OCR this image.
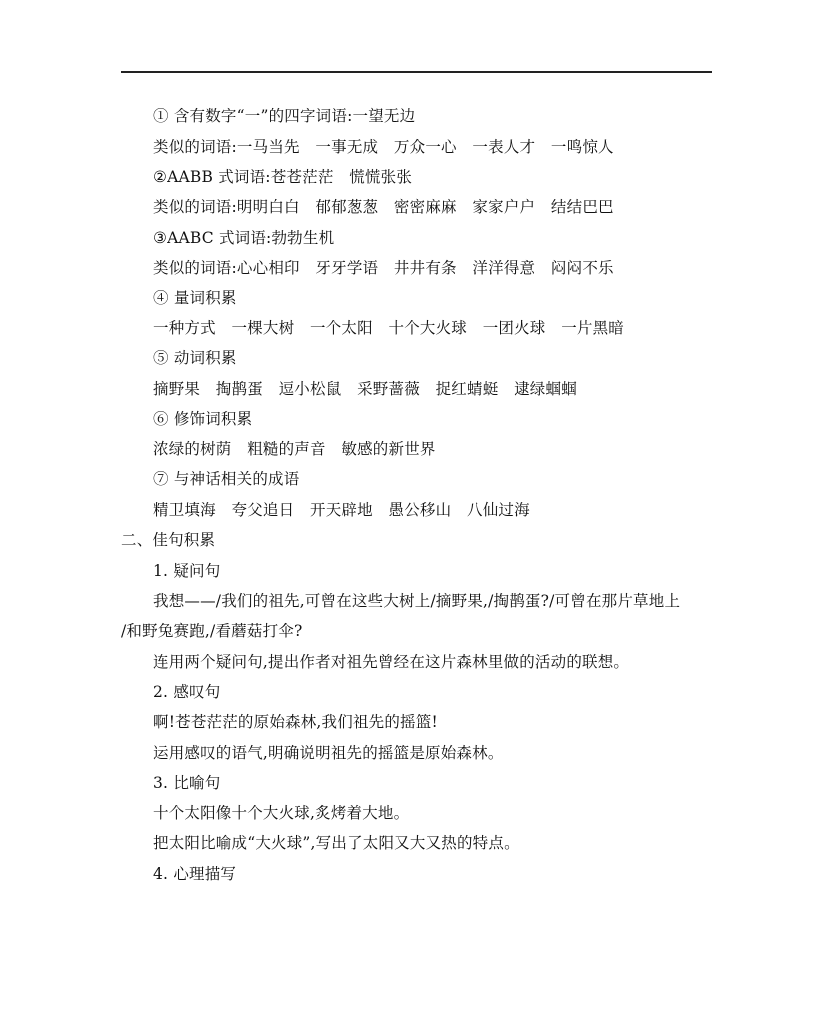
① 含有数字“一”的四字词语:一望无边
类似的词语:一马当先　一事无成　万众一心　一表人才　一鸣惊人
②AABB 式词语:苍苍茫茫　慌慌张张
类似的词语:明明白白　郁郁葱葱　密密麻麻　家家户户　结结巴巴
③AABC 式词语:勃勃生机
类似的词语:心心相印　牙牙学语　井井有条　洋洋得意　闷闷不乐
④ 量词积累
一种方式　一棵大树　一个太阳　十个大火球　一团火球　一片黑暗
⑤ 动词积累
摘野果　掏鹊蛋　逗小松鼠　采野蔷薇　捉红蜻蜓　逮绿蝈蝈
⑥ 修饰词积累
浓绿的树荫　粗糙的声音　敏感的新世界
⑦ 与神话相关的成语
精卫填海　夸父追日　开天辟地　愚公移山　八仙过海
二、佳句积累
1. 疑问句
我想——/我们的祖先,可曾在这些大树上/摘野果,/掏鹊蛋?/可曾在那片草地上
/和野兔赛跑,/看蘑菇打伞?
连用两个疑问句,提出作者对祖先曾经在这片森林里做的活动的联想。
2. 感叹句
啊!苍苍茫茫的原始森林,我们祖先的摇篮!
运用感叹的语气,明确说明祖先的摇篮是原始森林。
3. 比喻句
十个太阳像十个大火球,炙烤着大地。
把太阳比喻成“大火球”,写出了太阳又大又热的特点。
4. 心理描写
